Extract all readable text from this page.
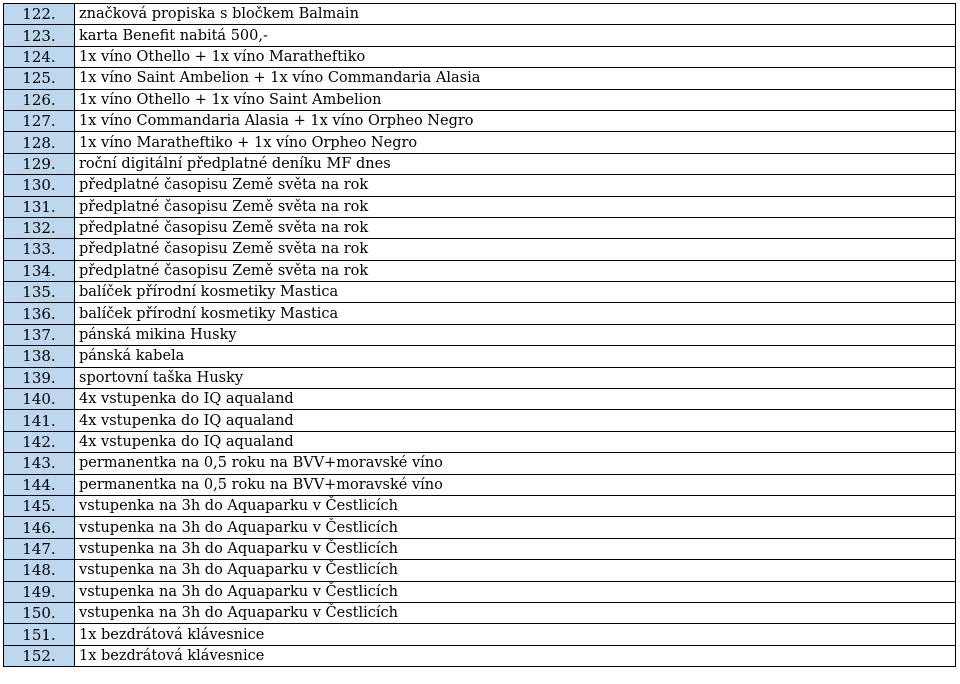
122.	značková propiska s bločkem Balmain
123.	karta Benefit nabitá 500,-
124.	1x víno Othello + 1x víno Maratheftiko
125.	1x víno Saint Ambelion + 1x víno Commandaria Alasia
126.	1x víno Othello + 1x víno Saint Ambelion
127.	1x víno Commandaria Alasia + 1x víno Orpheo Negro
128.	1x víno Maratheftiko + 1x víno Orpheo Negro
129.	roční digitální předplatné deníku MF dnes
130.	předplatné časopisu Země světa na rok
131.	předplatné časopisu Země světa na rok
132.	předplatné časopisu Země světa na rok
133.	předplatné časopisu Země světa na rok
134.	předplatné časopisu Země světa na rok
135.	balíček přírodní kosmetiky Mastica
136.	balíček přírodní kosmetiky Mastica
137.	pánská mikina Husky
138.	pánská kabela
139.	sportovní taška Husky
140.	4x vstupenka do IQ aqualand
141.	4x vstupenka do IQ aqualand
142.	4x vstupenka do IQ aqualand
143.	permanentka na 0,5 roku na BVV+moravské víno
144.	permanentka na 0,5 roku na BVV+moravské víno
145.	vstupenka na 3h do Aquaparku v Čestlicích
146.	vstupenka na 3h do Aquaparku v Čestlicích
147.	vstupenka na 3h do Aquaparku v Čestlicích
148.	vstupenka na 3h do Aquaparku v Čestlicích
149.	vstupenka na 3h do Aquaparku v Čestlicích
150.	vstupenka na 3h do Aquaparku v Čestlicích
151.	1x bezdrátová klávesnice
152.	1x bezdrátová klávesnice
